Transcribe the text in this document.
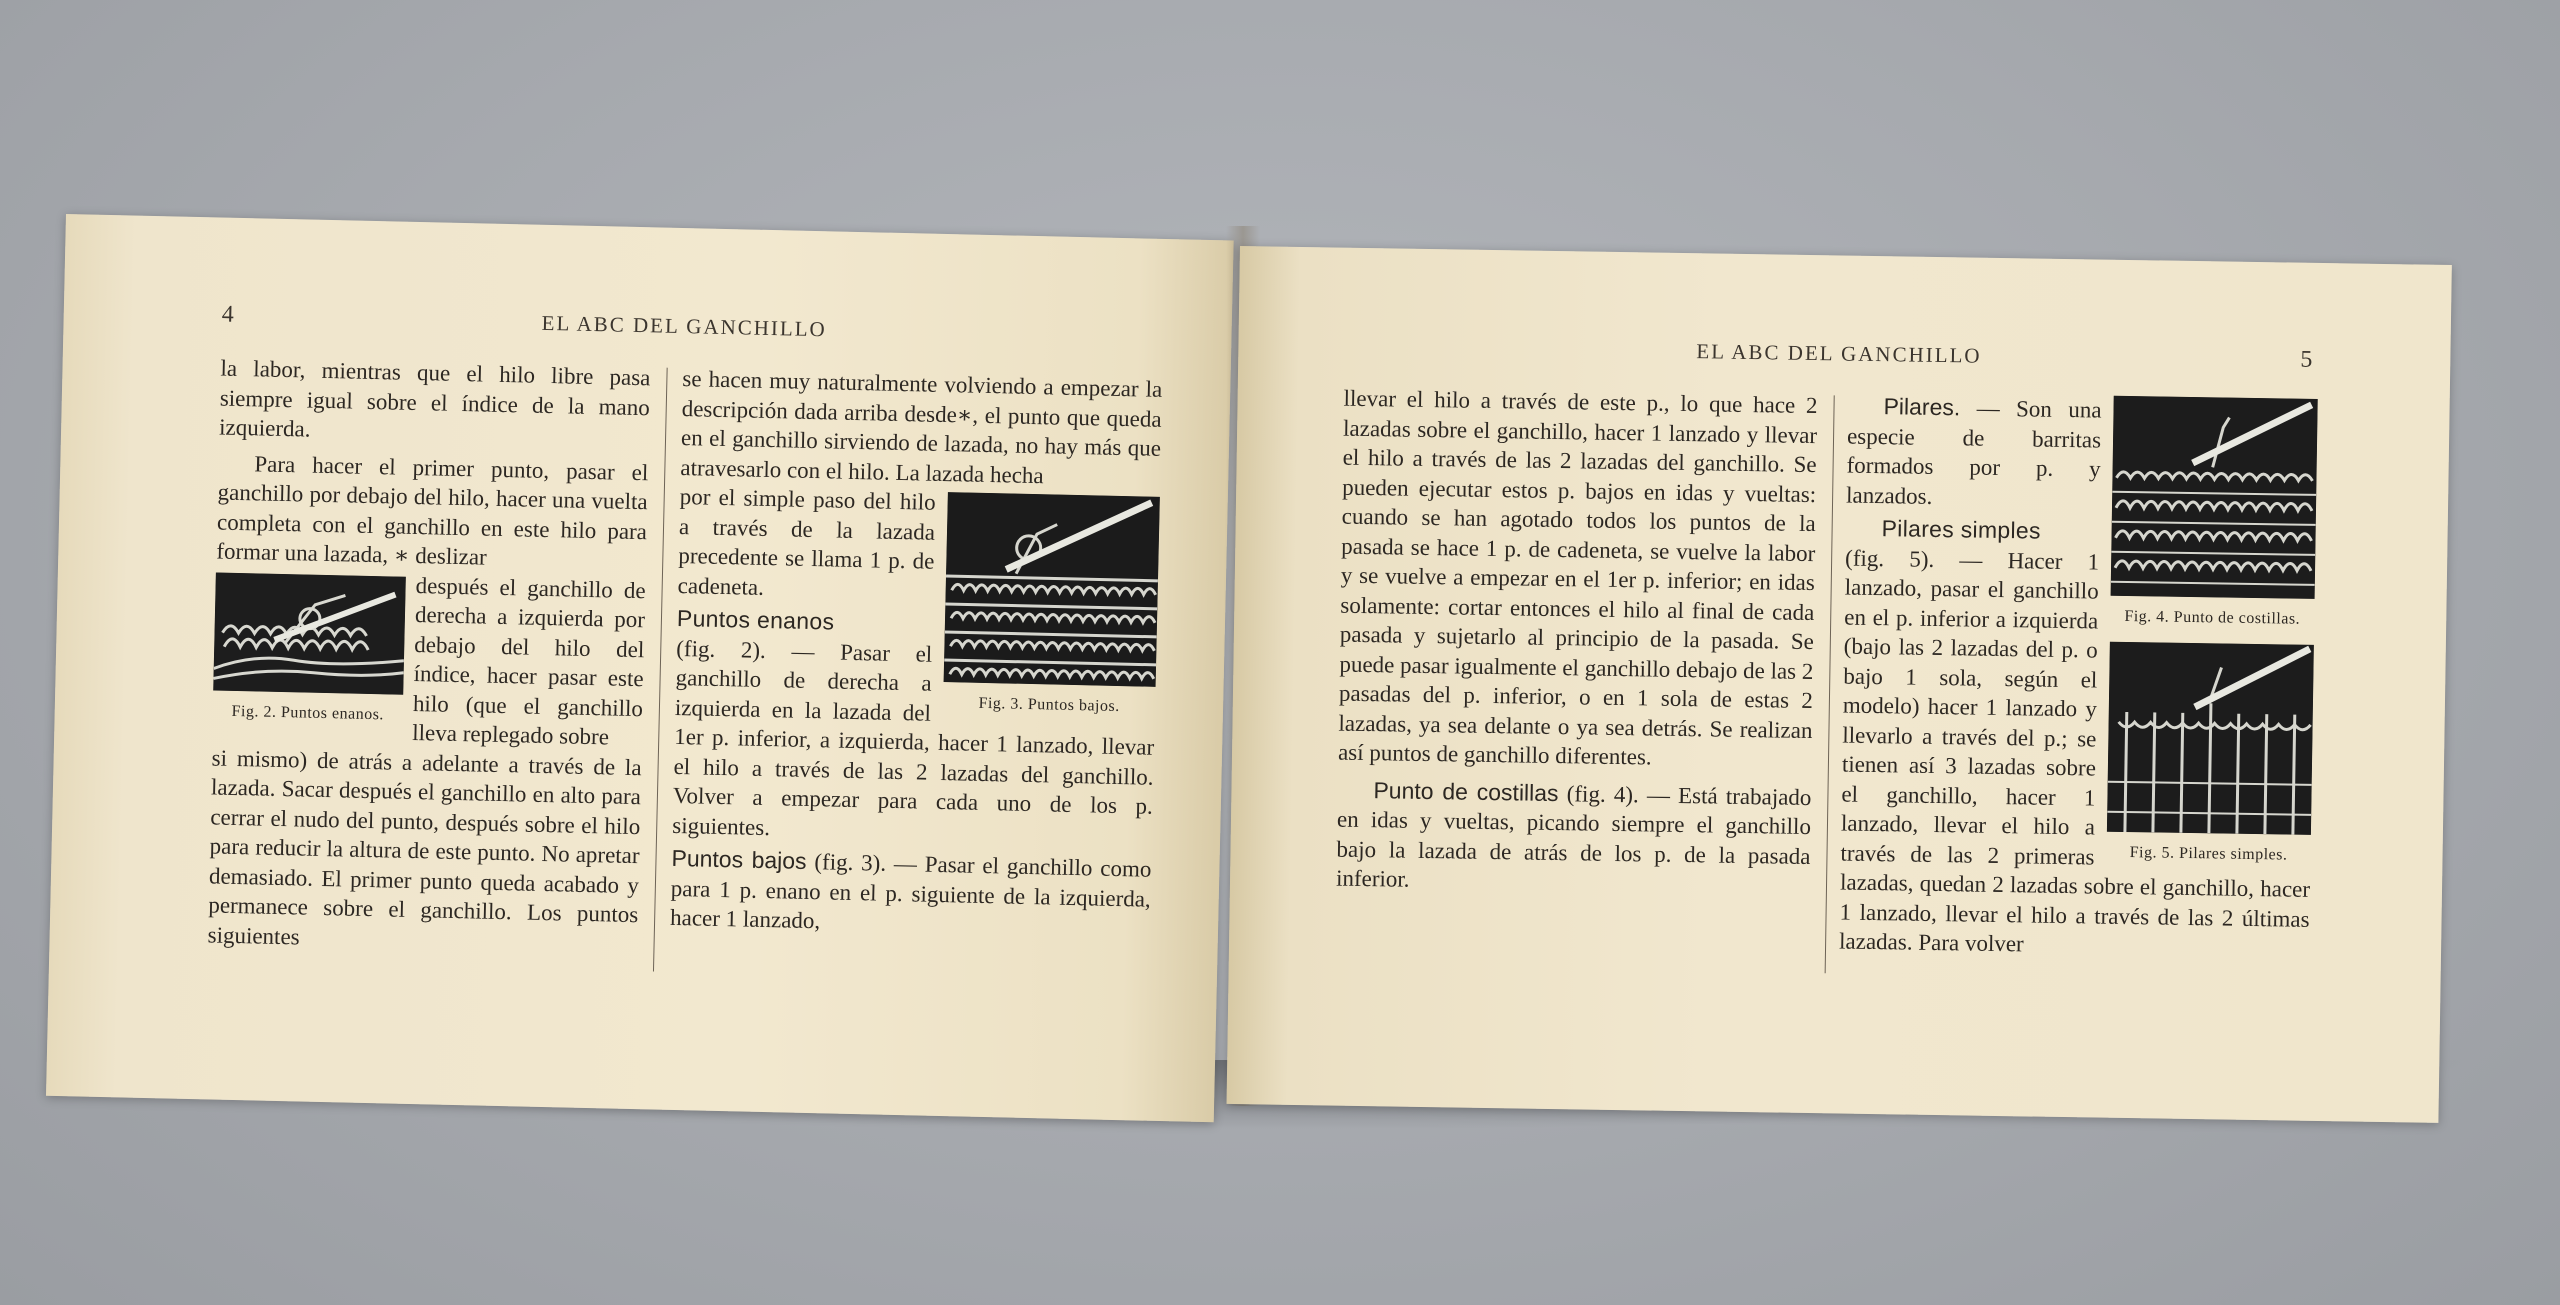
4	EL ABC DEL GANCHILLO

la labor, mientras que el hilo libre pasa siempre igual sobre el índice de la mano izquierda.

Para hacer el primer punto, pasar el ganchillo por debajo del hilo, hacer una vuelta completa con el ganchillo en este hilo para formar una lazada, ∗ deslizar

Fig. 2. Puntos enanos.

después el ganchillo de derecha a izquierda por debajo del hilo del índice, hacer pasar este hilo (que el ganchillo lleva replegado sobre

si mismo) de atrás a adelante a través de la lazada. Sacar después el ganchillo en alto para cerrar el nudo del punto, después sobre el hilo para reducir la altura de este punto. No apretar demasiado. El primer punto queda acabado y permanece sobre el ganchillo. Los puntos siguientes

se hacen muy naturalmente volviendo a empezar la descripción dada arriba desde∗, el punto que queda en el ganchillo sirviendo de lazada, no hay más que atravesarlo con el hilo. La lazada hecha

Fig. 3. Puntos bajos.

por el simple paso del hilo a través de la lazada precedente se llama 1 p. de cadeneta.

Puntos enanos

(fig. 2). — Pasar el ganchillo de derecha a izquierda en la lazada del 1er p. inferior, a izquierda, hacer 1 lanzado, llevar el hilo a través de las 2 lazadas del ganchillo. Volver a empezar para cada uno de los p. siguientes.

Puntos bajos (fig. 3). — Pasar el ganchillo como para 1 p. enano en el p. siguiente de la izquierda, hacer 1 lanzado,

EL ABC DEL GANCHILLO	5

llevar el hilo a través de este p., lo que hace 2 lazadas sobre el ganchillo, hacer 1 lanzado y llevar el hilo a través de las 2 lazadas del ganchillo. Se pueden ejecutar estos p. bajos en idas y vueltas: cuando se han agotado todos los puntos de la pasada se hace 1 p. de cadeneta, se vuelve la labor y se vuelve a empezar en el 1er p. inferior; en idas solamente: cortar entonces el hilo al final de cada pasada y sujetarlo al principio de la pasada. Se puede pasar igualmente el ganchillo debajo de las 2 pasadas del p. inferior, o en 1 sola de estas 2 lazadas, ya sea delante o ya sea detrás. Se realizan así puntos de ganchillo diferentes.

Punto de costillas (fig. 4). — Está trabajado en idas y vueltas, picando siempre el ganchillo bajo la lazada de atrás de los p. de la pasada inferior.

Fig. 4. Punto de costillas.
Fig. 5. Pilares simples.

Pilares. — Son una especie de barritas formados por p. y lanzados.

Pilares simples

(fig. 5). — Hacer 1 lanzado, pasar el ganchillo en el p. inferior a izquierda (bajo las 2 lazadas del p. o bajo 1 sola, según el modelo) hacer 1 lanzado y llevarlo a través del p.; se tienen así 3 lazadas sobre el ganchillo, hacer 1 lanzado, llevar el hilo a través de las 2 primeras lazadas, quedan 2 lazadas sobre el ganchillo, hacer 1 lanzado, llevar el hilo a través de las 2 últimas lazadas. Para volver
